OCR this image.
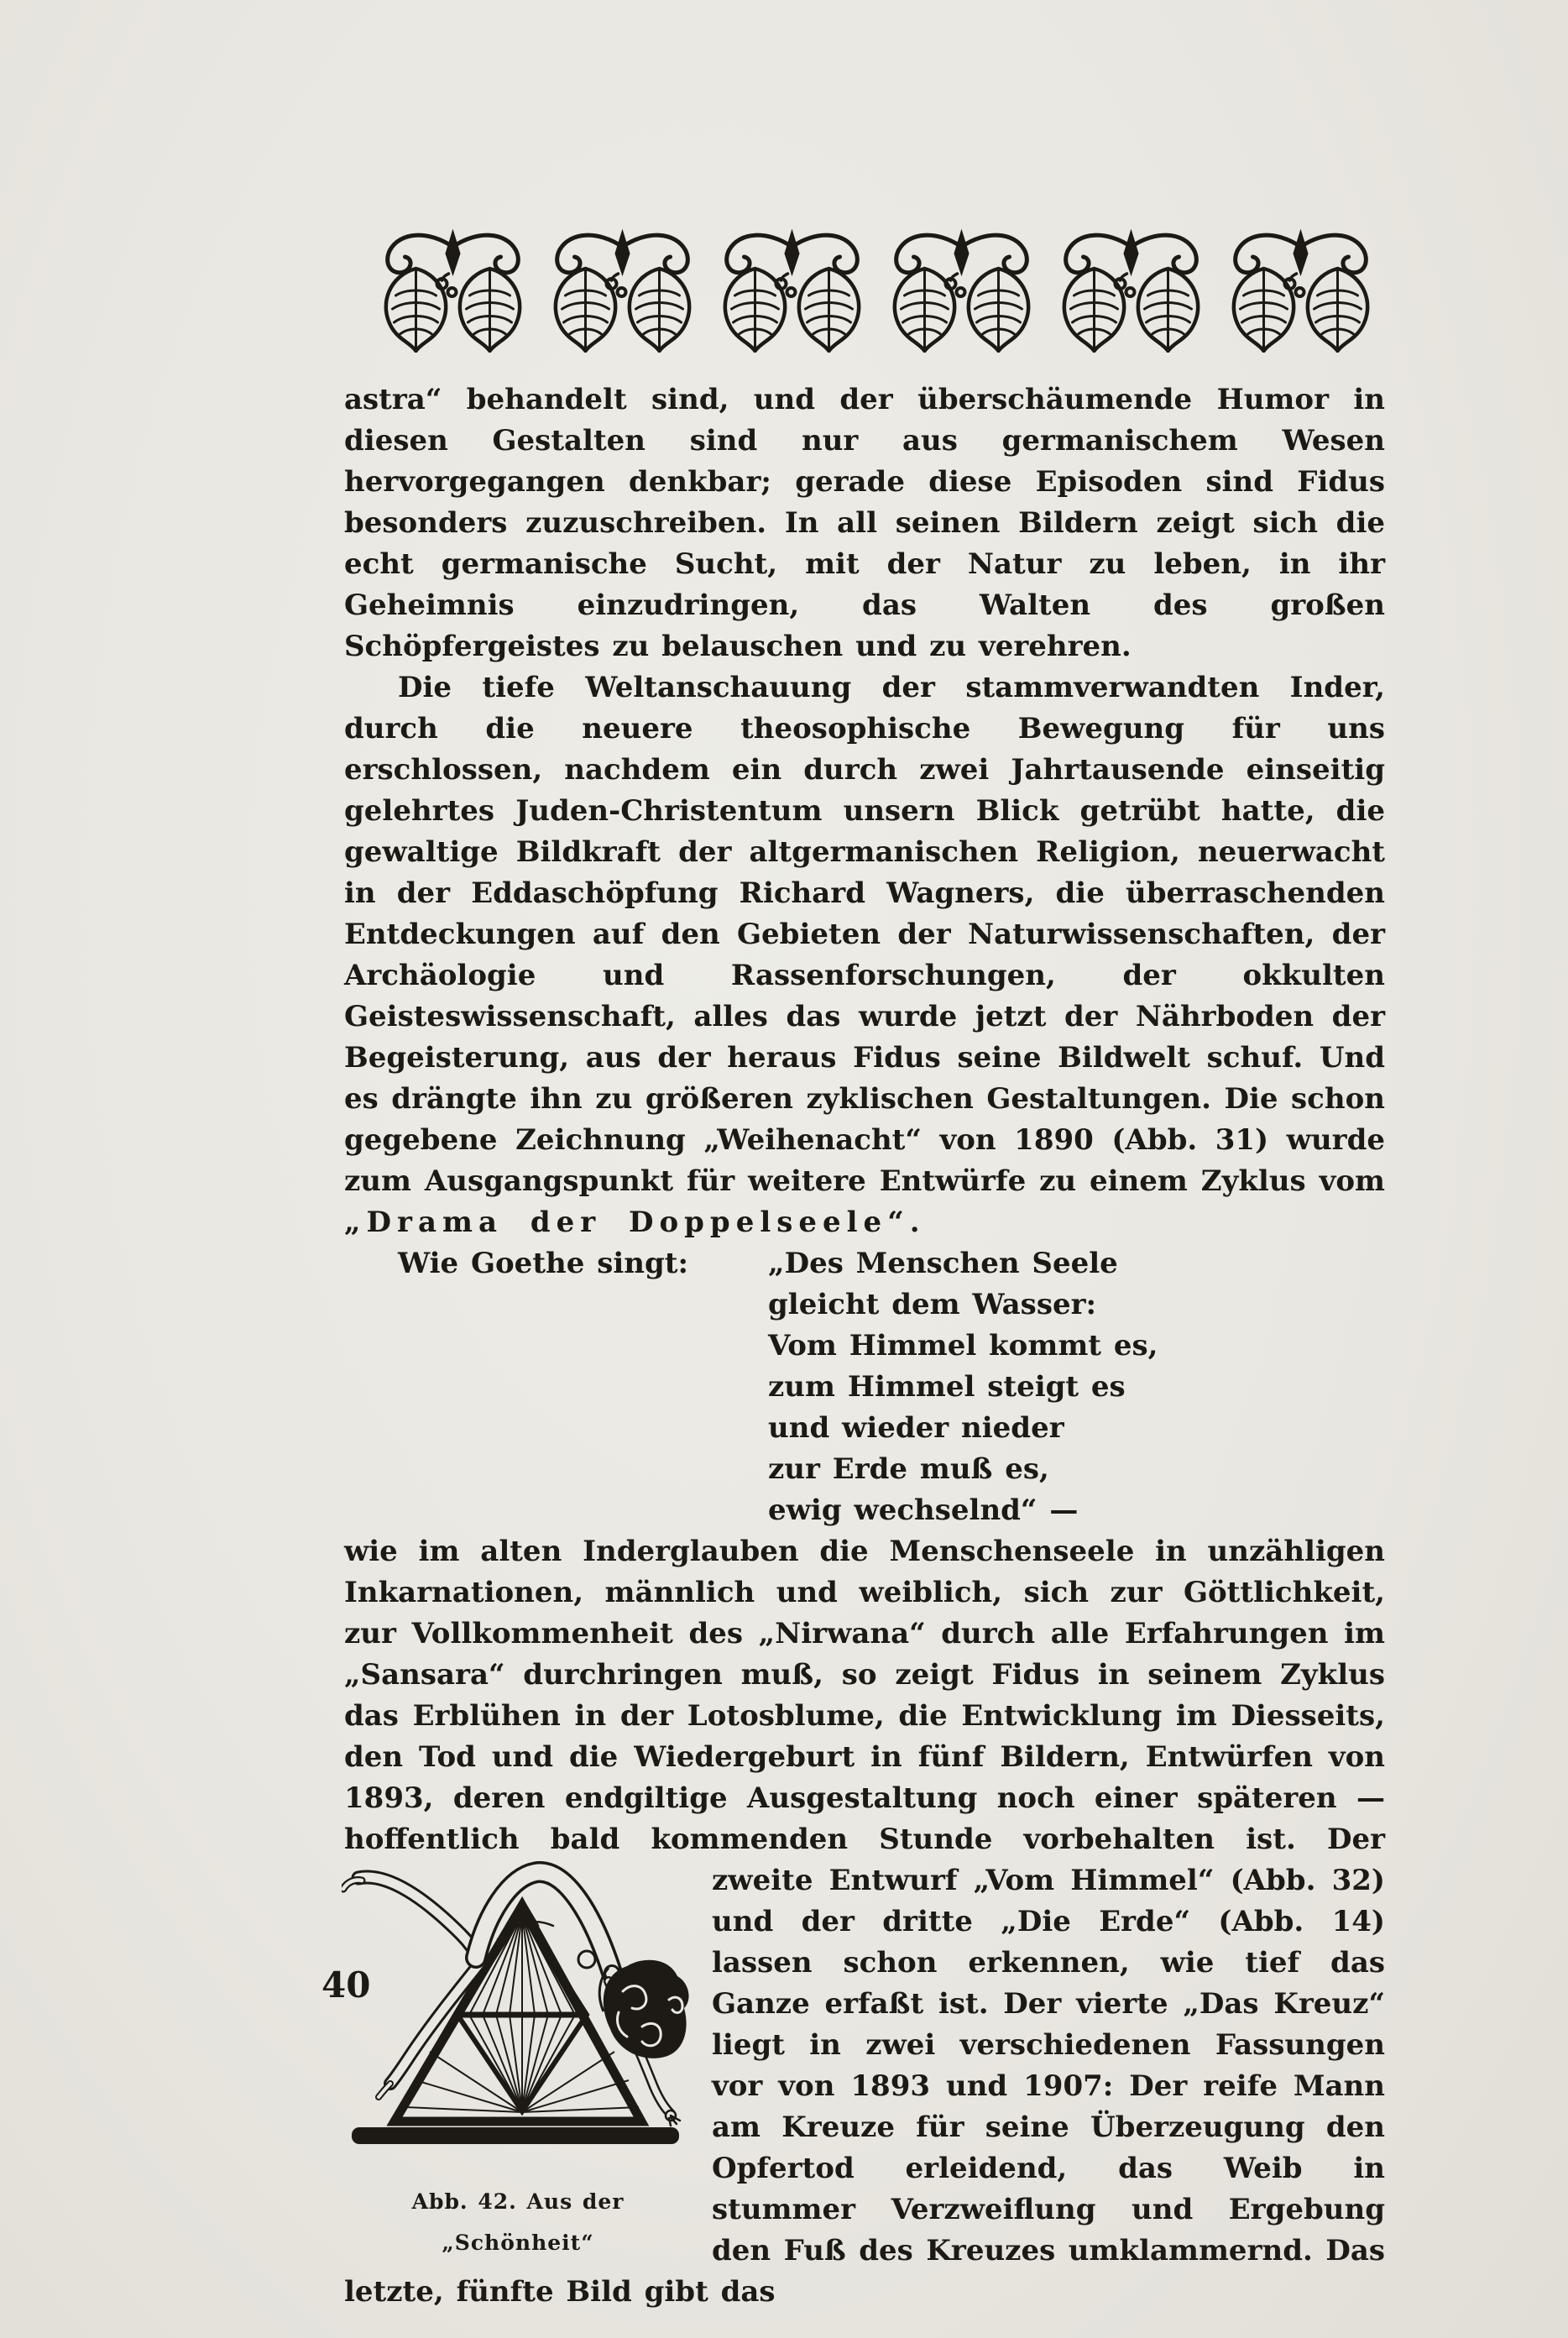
astra“ behandelt sind, und der überschäumende Humor in diesen Gestalten sind nur aus germanischem Wesen hervorgegangen denkbar; gerade diese Episoden sind Fidus besonders zuzuschreiben. In all seinen Bildern zeigt sich die echt germanische Sucht, mit der Natur zu leben, in ihr Geheimnis einzudringen, das Walten des großen Schöpfergeistes zu belauschen und zu verehren.

Die tiefe Weltanschauung der stammverwandten Inder, durch die neuere theosophische Bewegung für uns erschlossen, nachdem ein durch zwei Jahrtausende einseitig gelehrtes Juden-Christentum unsern Blick getrübt hatte, die gewaltige Bildkraft der altgermanischen Religion, neuerwacht in der Eddaschöpfung Richard Wagners, die überraschenden Entdeckungen auf den Gebieten der Naturwissenschaften, der Archäologie und Rassenforschungen, der okkulten Geisteswissenschaft, alles das wurde jetzt der Nährboden der Begeisterung, aus der heraus Fidus seine Bildwelt schuf. Und es drängte ihn zu größeren zyklischen Gestaltungen. Die schon gegebene Zeichnung „Weihenacht“ von 1890 (Abb. 31) wurde zum Ausgangspunkt für weitere Entwürfe zu einem Zyklus vom „Drama der Doppelseele“.

Wie Goethe singt:	„Des Menschen Seele

gleicht dem Wasser:
Vom Himmel kommt es,
zum Himmel steigt es
und wieder nieder
zur Erde muß es,
ewig wechselnd“ —

wie im alten Inderglauben die Menschenseele in unzähligen Inkarnationen, männlich und weiblich, sich zur Göttlichkeit, zur Vollkommenheit des „Nirwana“ durch alle Erfahrungen im „Sansara“ durchringen muß, so zeigt Fidus in seinem Zyklus das Erblühen in der Lotosblume, die Entwicklung im Diesseits, den Tod und die Wiedergeburt in fünf Bildern, Entwürfen von 1893, deren endgiltige Ausgestaltung noch einer späteren — hoffentlich bald kommenden Stunde vorbehalten ist. Der

Abb. 42. Aus der „Schönheit“

zweite Entwurf „Vom Himmel“ (Abb. 32) und der dritte „Die Erde“ (Abb. 14) lassen schon erkennen, wie tief das Ganze erfaßt ist. Der vierte „Das Kreuz“ liegt in zwei verschiedenen Fassungen vor von 1893 und 1907: Der reife Mann am Kreuze für seine Überzeugung den Opfertod erleidend, das Weib in stummer Verzweiflung und Ergebung den Fuß des Kreuzes umklammernd. Das letzte, fünfte Bild gibt das

40
